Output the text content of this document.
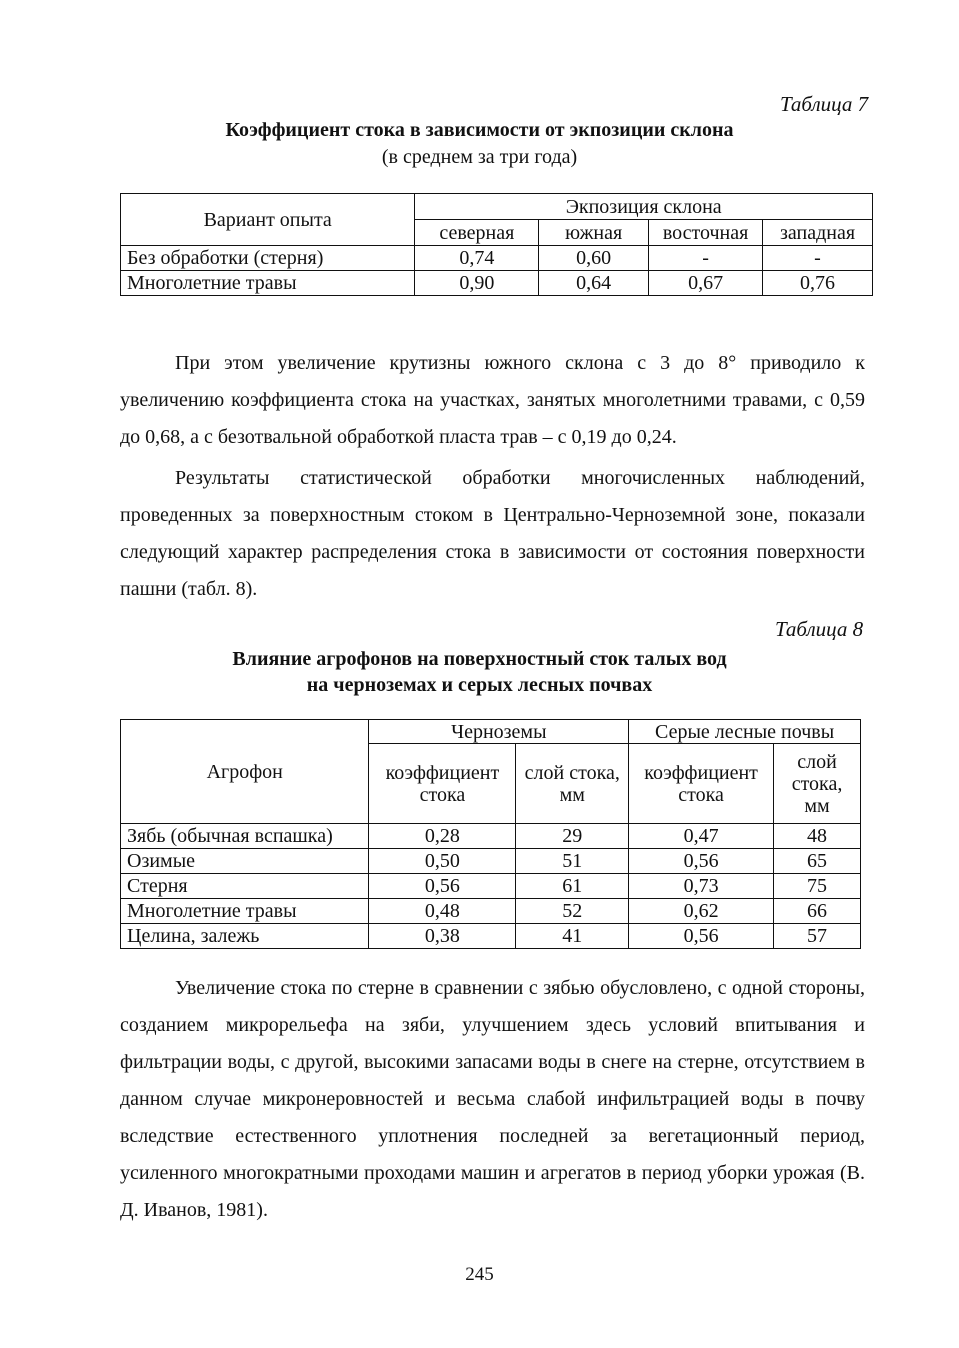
Таблица 7
Коэффициент стока в зависимости от экпозиции склона
(в среднем за три года)
Вариант опыта	Экпозиция склона			
	северная	южная	восточная	западная
Без обработки (стерня)	0,74	0,60	-	-
Многолетние травы	0,90	0,64	0,67	0,76

При этом увеличение крутизны южного склона с 3 до 8° приводило к увеличению коэффициента стока на участках, занятых многолетними травами, с 0,59 до 0,68, а с безотвальной обработкой пласта трав – с 0,19 до 0,24.

Результаты статистической обработки многочисленных наблюдений, проведенных за поверхностным стоком в Центрально-Черноземной зоне, показали следующий характер распределения стока в зависимости от состояния поверхности пашни (табл. 8).

Таблица 8
Влияние агрофонов на поверхностный сток талых вод
на черноземах и серых лесных почвах
Агрофон	Черноземы		Серые лесные почвы	
	коэффициент стока	слой стока, мм	коэффициент стока	слой стока, мм
Зябь (обычная вспашка)	0,28	29	0,47	48
Озимые	0,50	51	0,56	65
Стерня	0,56	61	0,73	75
Многолетние травы	0,48	52	0,62	66
Целина, залежь	0,38	41	0,56	57

Увеличение стока по стерне в сравнении с зябью обусловлено, с одной стороны, созданием микрорельефа на зяби, улучшением здесь условий впитывания и фильтрации воды, с другой, высокими запасами воды в снеге на стерне, отсутствием в данном случае микронеровностей и весьма слабой инфильтрацией воды в почву вследствие естественного уплотнения последней за вегетационный период, усиленного многократными проходами машин и агрегатов в период уборки урожая (В. Д. Иванов, 1981).

245
